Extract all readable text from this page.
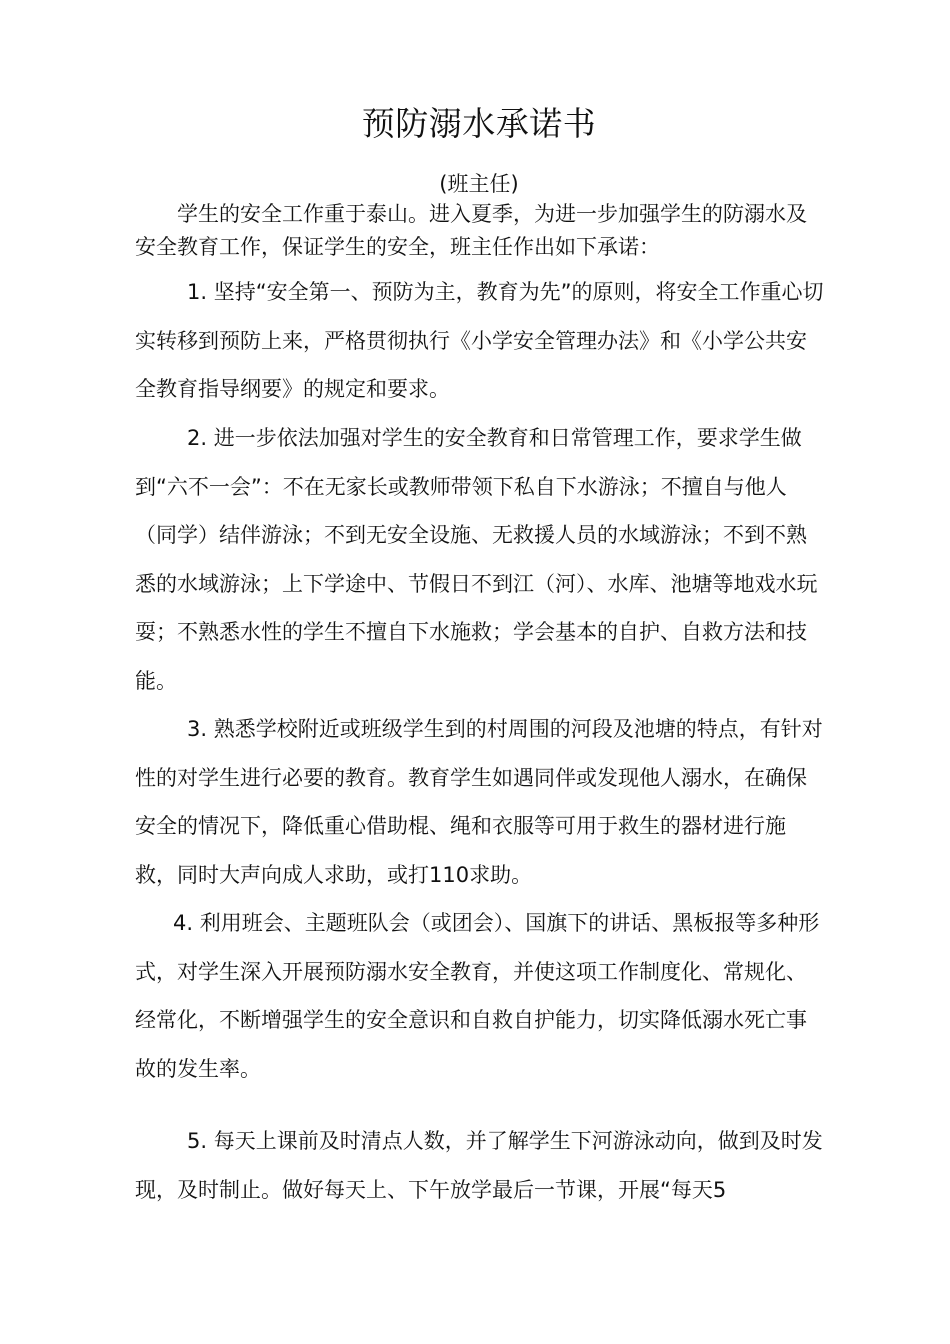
预防溺水承诺书
(班主任)
学生的安全工作重于泰山。进入夏季，为进一步加强学生的防溺水及安全教育工作，保证学生的安全，班主任作出如下承诺：

1. 坚持“安全第一、预防为主，教育为先”的原则，将安全工作重心切实转移到预防上来，严格贯彻执行《小学安全管理办法》和《小学公共安全教育指导纲要》的规定和要求。

2. 进一步依法加强对学生的安全教育和日常管理工作，要求学生做到“六不一会”：不在无家长或教师带领下私自下水游泳；不擅自与他人（同学）结伴游泳；不到无安全设施、无救援人员的水域游泳；不到不熟悉的水域游泳；上下学途中、节假日不到江（河）、水库、池塘等地戏水玩耍；不熟悉水性的学生不擅自下水施救；学会基本的自护、自救方法和技能。

3. 熟悉学校附近或班级学生到的村周围的河段及池塘的特点，有针对性的对学生进行必要的教育。教育学生如遇同伴或发现他人溺水，在确保安全的情况下，降低重心借助棍、绳和衣服等可用于救生的器材进行施救，同时大声向成人求助，或打110求助。

4. 利用班会、主题班队会（或团会）、国旗下的讲话、黑板报等多种形式，对学生深入开展预防溺水安全教育，并使这项工作制度化、常规化、经常化，不断增强学生的安全意识和自救自护能力，切实降低溺水死亡事故的发生率。

5. 每天上课前及时清点人数，并了解学生下河游泳动向，做到及时发现，及时制止。做好每天上、下午放学最后一节课，开展“每天5
